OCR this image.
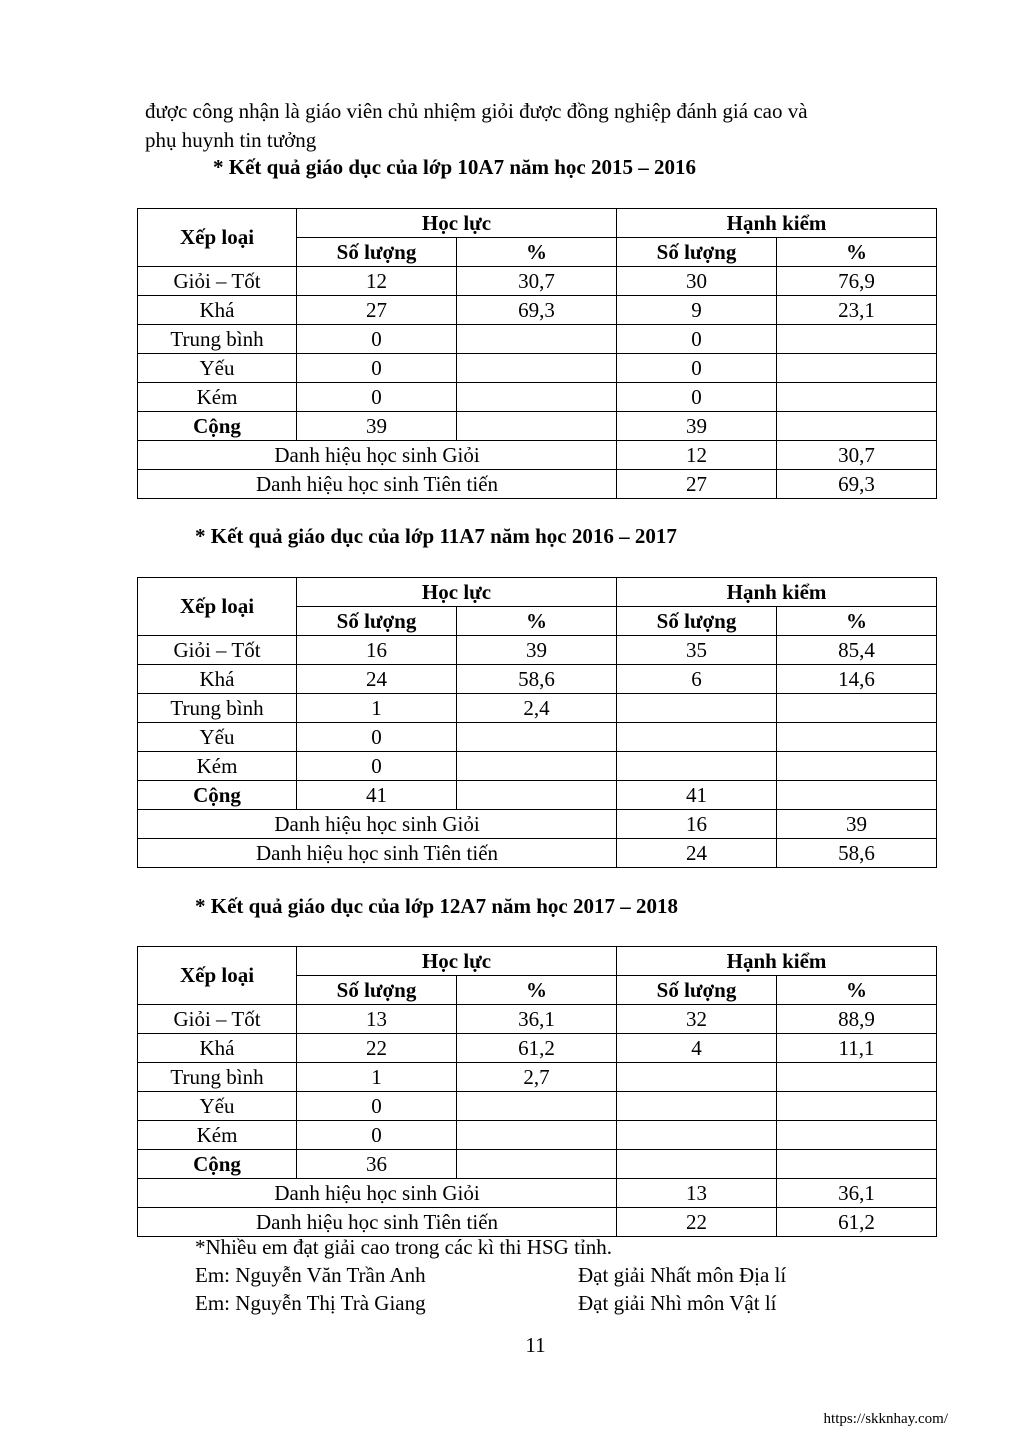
được công nhận là giáo viên chủ nhiệm giỏi được đồng nghiệp đánh giá cao và
phụ huynh tin tưởng
* Kết quả giáo dục của lớp 10A7 năm học 2015 – 2016
Xếp loại	Học lực		Hạnh kiểm	
	Số lượng	%	Số lượng	%
Giỏi – Tốt	12	30,7	30	76,9
Khá	27	69,3	9	23,1
Trung bình	0		0	
Yếu	0		0	
Kém	0		0	
Cộng	39		39	
Danh hiệu học sinh Giỏi			12	30,7
Danh hiệu học sinh Tiên tiến			27	69,3
* Kết quả giáo dục của lớp 11A7 năm học 2016 – 2017
Xếp loại	Học lực		Hạnh kiểm	
	Số lượng	%	Số lượng	%
Giỏi – Tốt	16	39	35	85,4
Khá	24	58,6	6	14,6
Trung bình	1	2,4		
Yếu	0			
Kém	0			
Cộng	41		41	
Danh hiệu học sinh Giỏi			16	39
Danh hiệu học sinh Tiên tiến			24	58,6
* Kết quả giáo dục của lớp 12A7 năm học 2017 – 2018
Xếp loại	Học lực		Hạnh kiểm	
	Số lượng	%	Số lượng	%
Giỏi – Tốt	13	36,1	32	88,9
Khá	22	61,2	4	11,1
Trung bình	1	2,7		
Yếu	0			
Kém	0			
Cộng	36			
Danh hiệu học sinh Giỏi			13	36,1
Danh hiệu học sinh Tiên tiến			22	61,2
*Nhiều em đạt giải cao trong các kì thi HSG tỉnh.
Em: Nguyễn Văn Trần Anh	Đạt giải Nhất môn Địa lí
Em: Nguyễn Thị Trà Giang	Đạt giải Nhì môn Vật lí
11
https://skknhay.com/
